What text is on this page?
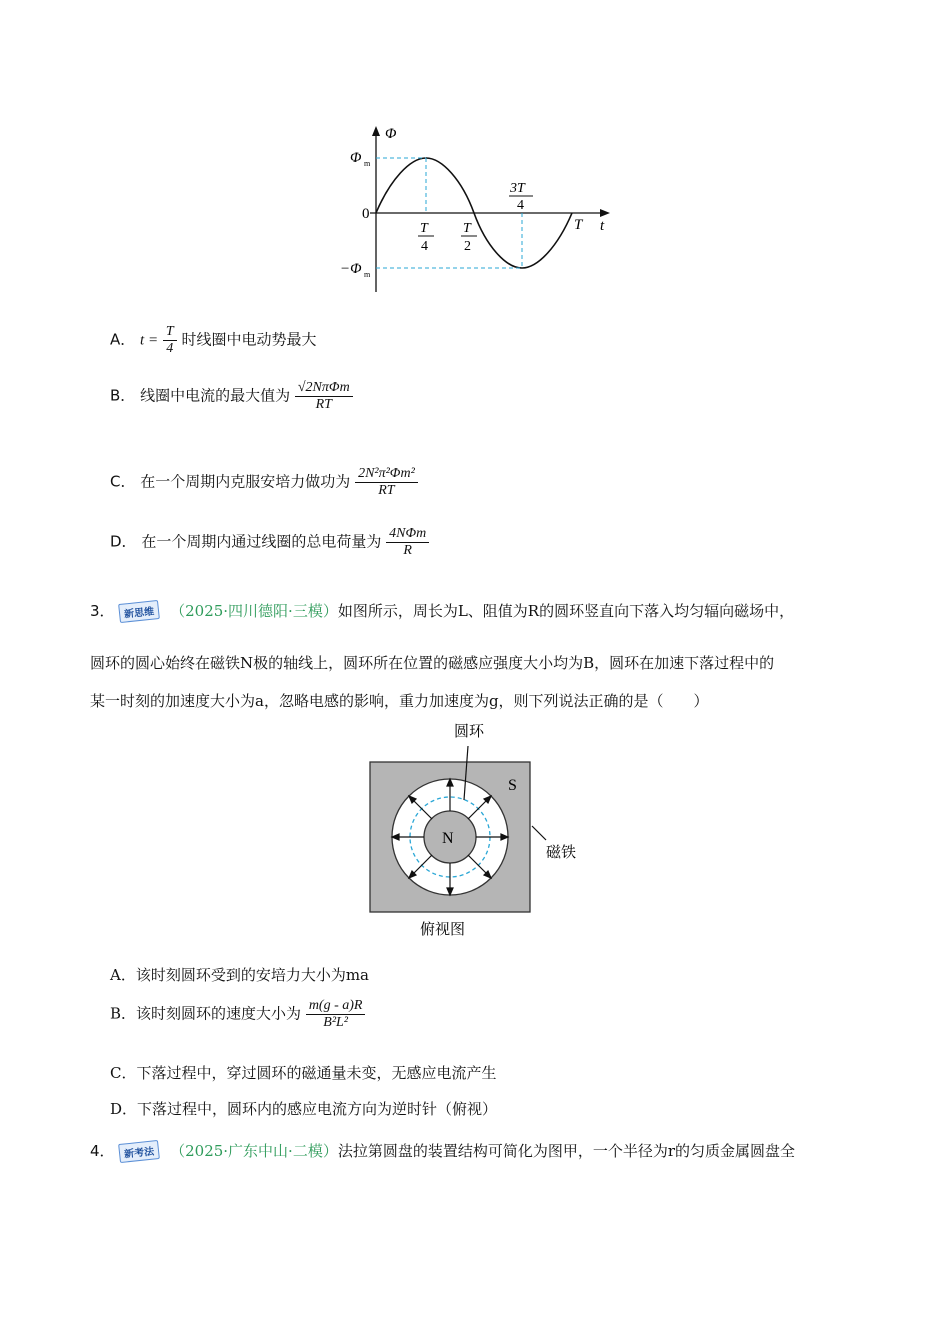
Φ
t
Φ m
−Φ m
0
T
4
T
2
3T
4
T
A． $t = \frac{T}{4}$ 时线圈中电动势最大
B． 线圈中电流的最大值为 $\frac{\text{√2NπΦm}}{RT}$
C． 在一个周期内克服安培力做功为 $\frac{\text{2N²π²Φm²}}{RT}$
D． 在一个周期内通过线圈的总电荷量为 $\frac{\text{4NΦm}}{R}$
3． 新思维 （2025·四川德阳·三模）如图所示，周长为L、阻值为R的圆环竖直向下落入均匀辐向磁场中，
圆环的圆心始终在磁铁N极的轴线上，圆环所在位置的磁感应强度大小均为B，圆环在加速下落过程中的
某一时刻的加速度大小为a，忽略电感的影响，重力加速度为g，则下列说法正确的是（　　）
圆环
S
N
磁铁
俯视图
A．该时刻圆环受到的安培力大小为ma
B．该时刻圆环的速度大小为 $\frac{m(g - a)R}{\text{B²L²}}$
C．下落过程中，穿过圆环的磁通量未变，无感应电流产生
D．下落过程中，圆环内的感应电流方向为逆时针（俯视）
4． 新考法 （2025·广东中山·二模）法拉第圆盘的装置结构可简化为图甲，一个半径为r的匀质金属圆盘全
